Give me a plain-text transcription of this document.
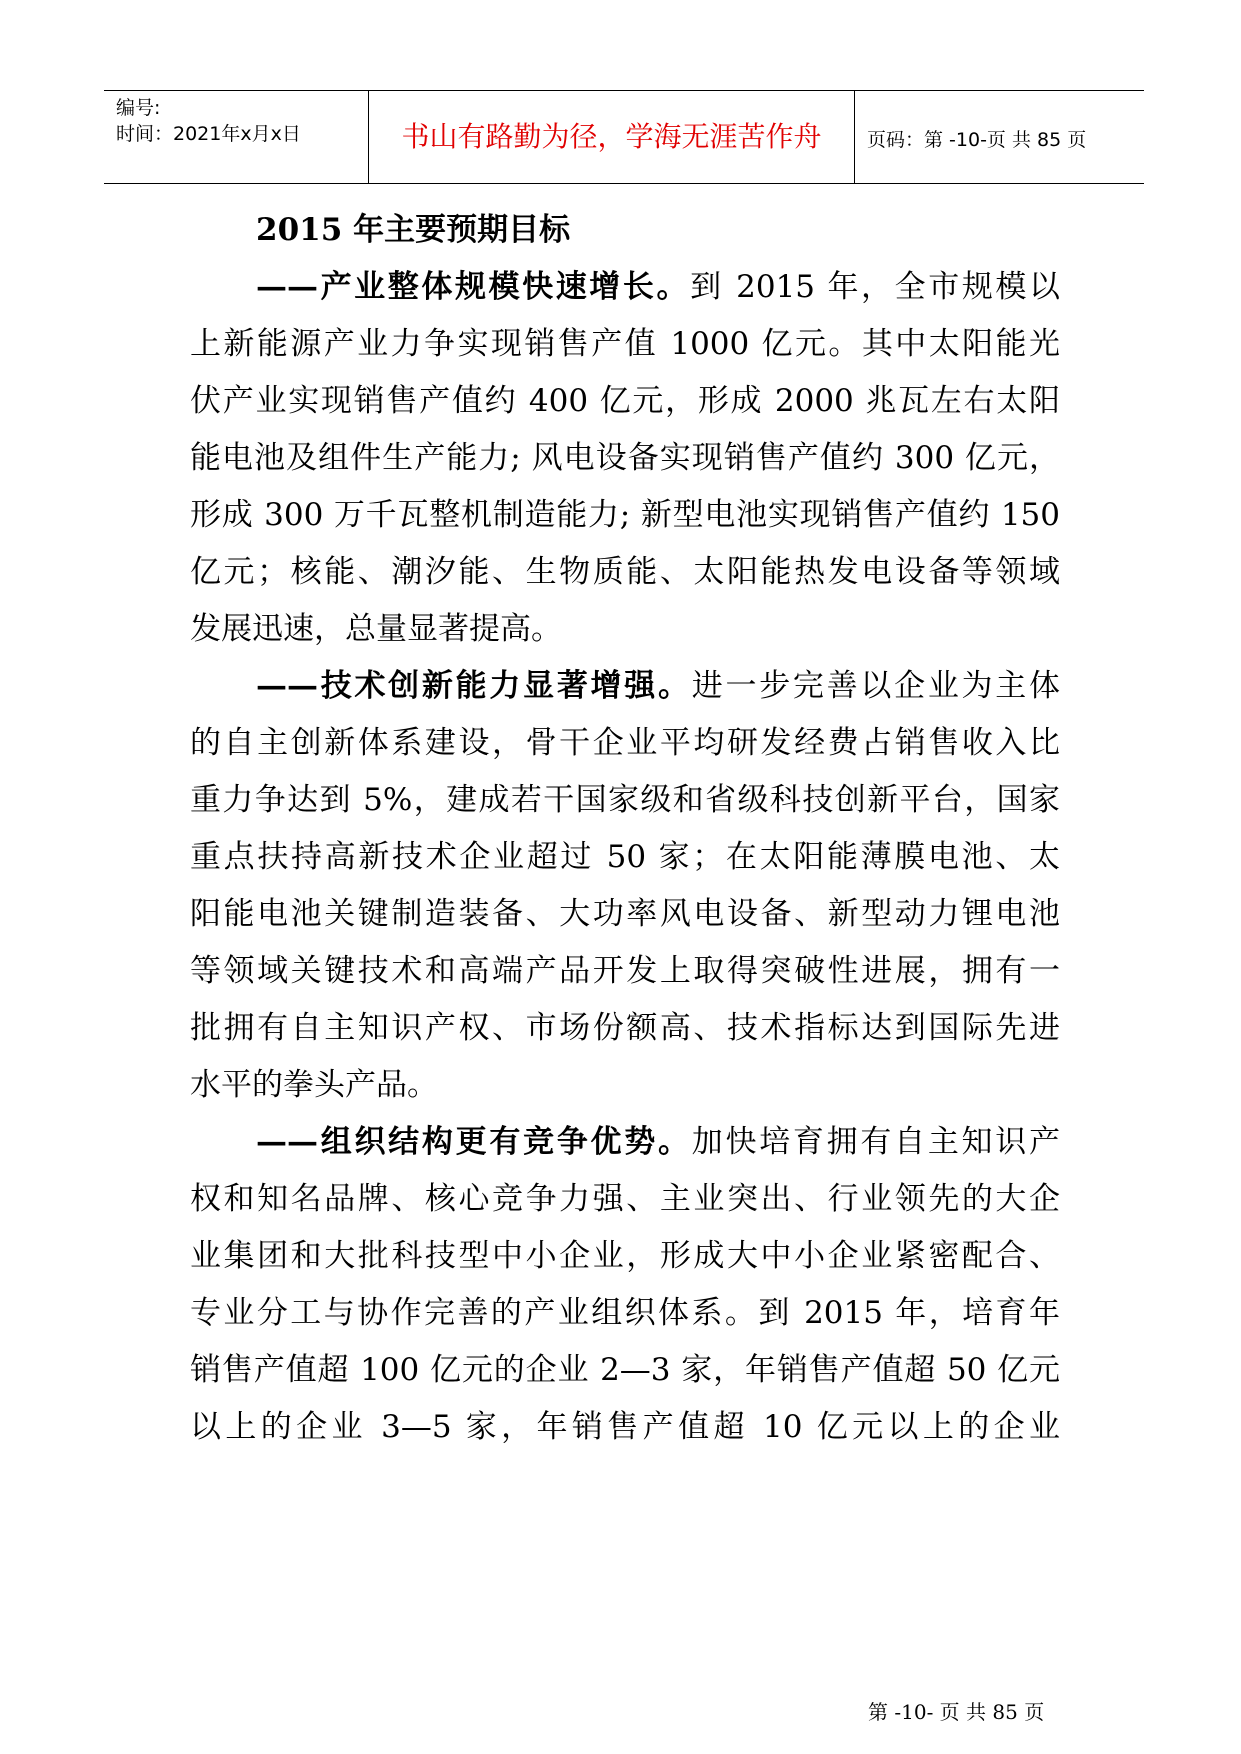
编号:
时间：2021年x月x日	书山有路勤为径，学海无涯苦作舟	页码：第 -10-页 共 85 页
2015 年主要预期目标
——产业整体规模快速增长。到 2015 年，全市规模以
上新能源产业力争实现销售产值 1000 亿元。其中太阳能光
伏产业实现销售产值约 400 亿元，形成 2000 兆瓦左右太阳
能电池及组件生产能力; 风电设备实现销售产值约 300 亿元，
形成 300 万千瓦整机制造能力; 新型电池实现销售产值约 150
亿元；核能、潮汐能、生物质能、太阳能热发电设备等领域
发展迅速，总量显著提高。
——技术创新能力显著增强。进一步完善以企业为主体
的自主创新体系建设，骨干企业平均研发经费占销售收入比
重力争达到 5%，建成若干国家级和省级科技创新平台，国家
重点扶持高新技术企业超过 50 家；在太阳能薄膜电池、太
阳能电池关键制造装备、大功率风电设备、新型动力锂电池
等领域关键技术和高端产品开发上取得突破性进展，拥有一
批拥有自主知识产权、市场份额高、技术指标达到国际先进
水平的拳头产品。
——组织结构更有竞争优势。加快培育拥有自主知识产
权和知名品牌、核心竞争力强、主业突出、行业领先的大企
业集团和大批科技型中小企业，形成大中小企业紧密配合、
专业分工与协作完善的产业组织体系。到 2015 年，培育年
销售产值超 100 亿元的企业 2—3 家，年销售产值超 50 亿元
以上的企业 3—5 家，年销售产值超 10 亿元以上的企业
第 -10- 页 共 85 页
